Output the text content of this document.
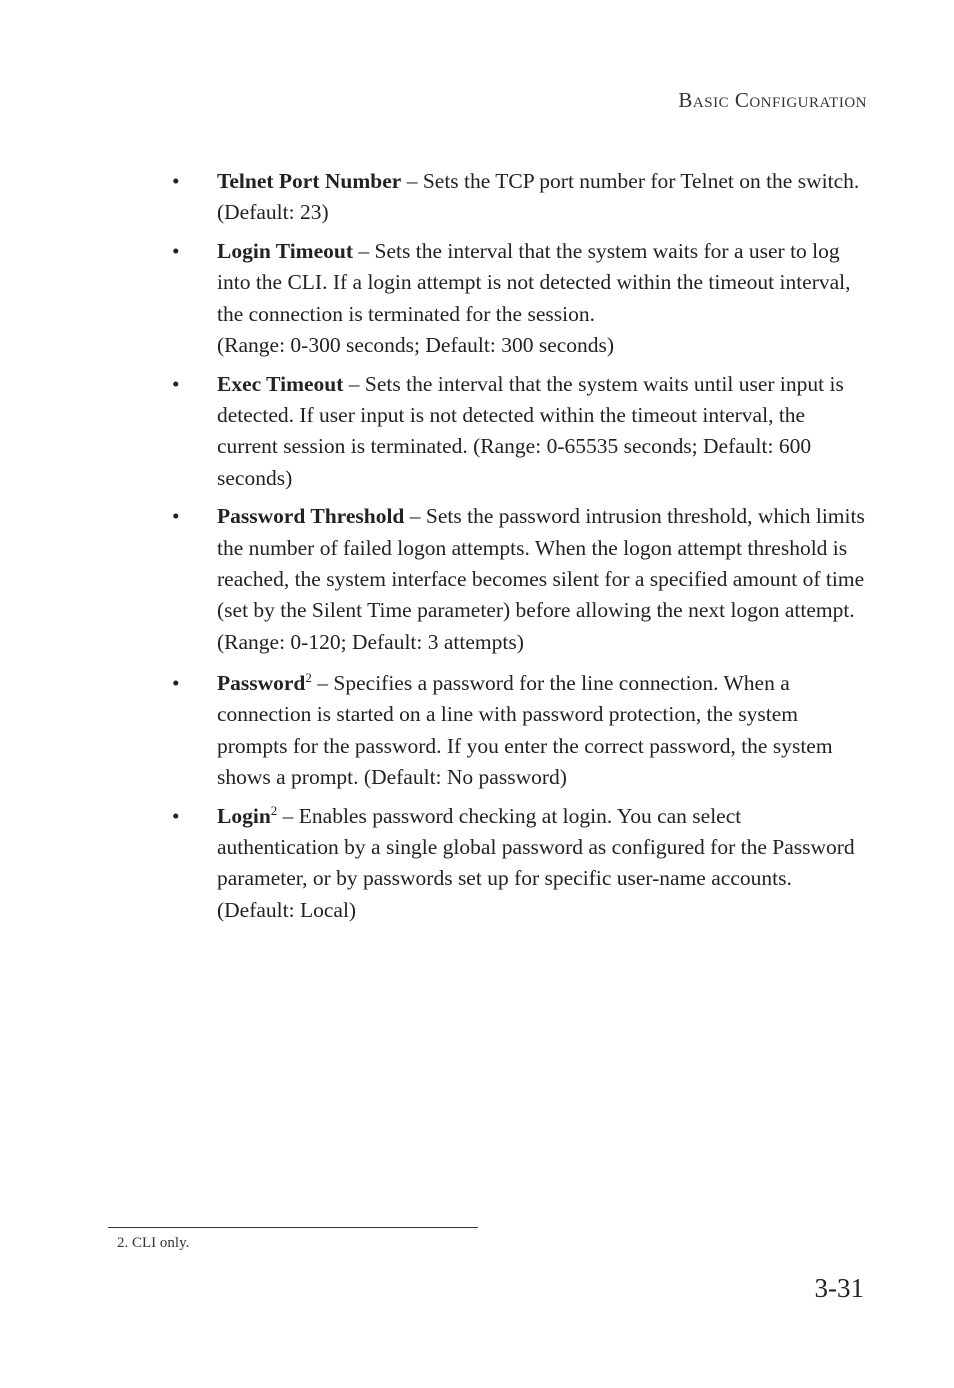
Basic Configuration
• Telnet Port Number – Sets the TCP port number for Telnet on the switch. (Default: 23)
• Login Timeout – Sets the interval that the system waits for a user to log into the CLI. If a login attempt is not detected within the timeout interval, the connection is terminated for the session.
(Range: 0-300 seconds; Default: 300 seconds)
• Exec Timeout – Sets the interval that the system waits until user input is detected. If user input is not detected within the timeout interval, the current session is terminated. (Range: 0-65535 seconds; Default: 600 seconds)
• Password Threshold – Sets the password intrusion threshold, which limits the number of failed logon attempts. When the logon attempt threshold is reached, the system interface becomes silent for a specified amount of time (set by the Silent Time parameter) before allowing the next logon attempt. (Range: 0-120; Default: 3 attempts)
• Password$^2$ – Specifies a password for the line connection. When a connection is started on a line with password protection, the system prompts for the password. If you enter the correct password, the system shows a prompt. (Default: No password)
• Login$^2$ – Enables password checking at login. You can select authentication by a single global password as configured for the Password parameter, or by passwords set up for specific user-name accounts. (Default: Local)
2. CLI only.
3-31
